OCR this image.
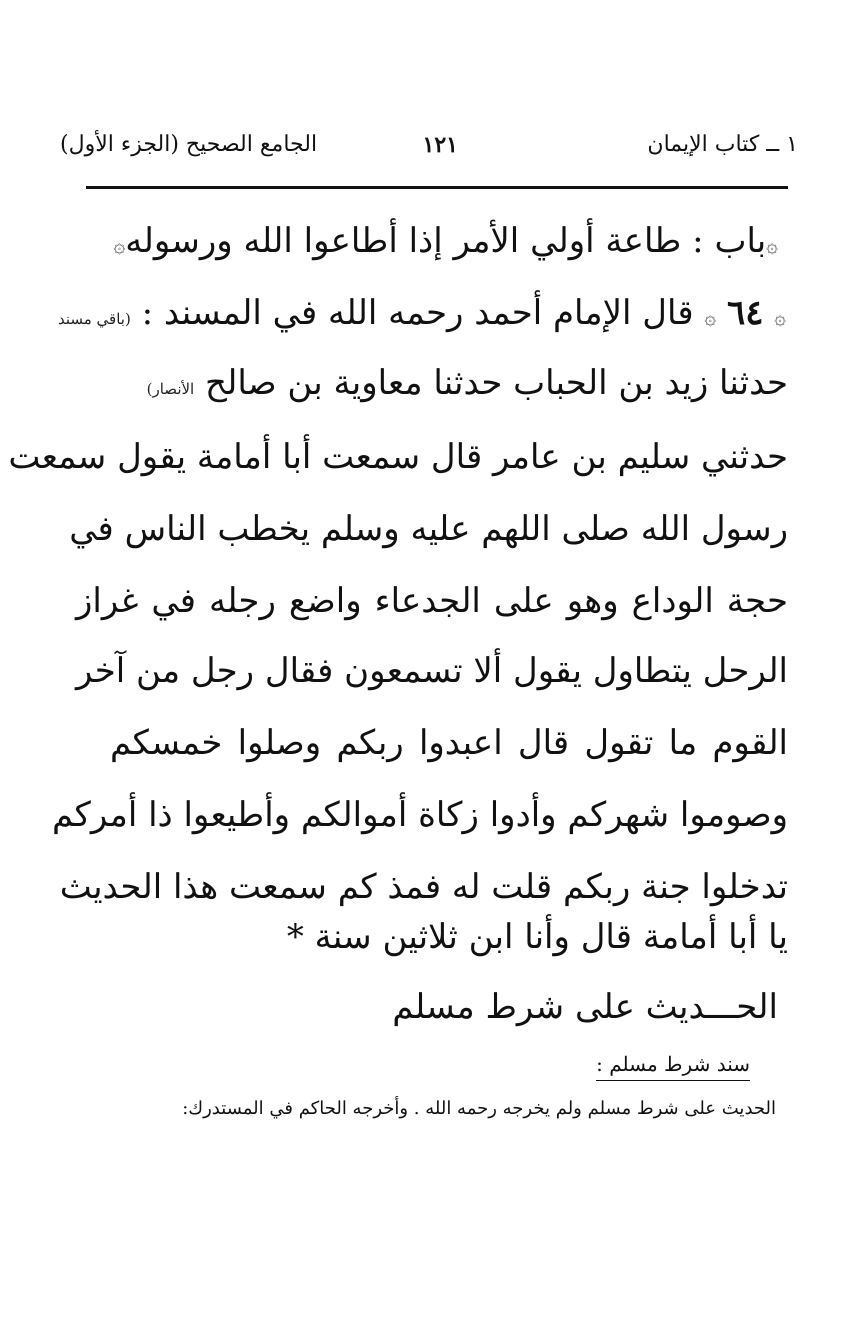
١ ــ كتاب الإيمان
١٢١
الجامع الصحيح (الجزء الأول)
۞باب : طاعة أولي الأمر إذا أطاعوا الله ورسوله۞
۞ ٦٤ ۞ قال الإمام أحمد رحمه الله في المسند : (باقي مسند
حدثنا زيد بن الحباب حدثنا معاوية بن صالح الأنصار)
حدثني سليم بن عامر قال سمعت أبا أمامة يقول سمعت
رسول الله صلى اللهم عليه وسلم يخطب الناس في
حجة الوداع وهو على الجدعاء واضع رجله في غراز
الرحل يتطاول يقول ألا تسمعون فقال رجل من آخر
القوم ما تقول قال اعبدوا ربكم وصلوا خمسكم
وصوموا شهركم وأدوا زكاة أموالكم وأطيعوا ذا أمركم
تدخلوا جنة ربكم قلت له فمذ كم سمعت هذا الحديث
يا أبا أمامة قال وأنا ابن ثلاثين سنة *
الحـــديث على شرط مسلم
سند شرط مسلم :
الحديث على شرط مسلم ولم يخرجه رحمه الله . وأخرجه الحاكم في المستدرك:
